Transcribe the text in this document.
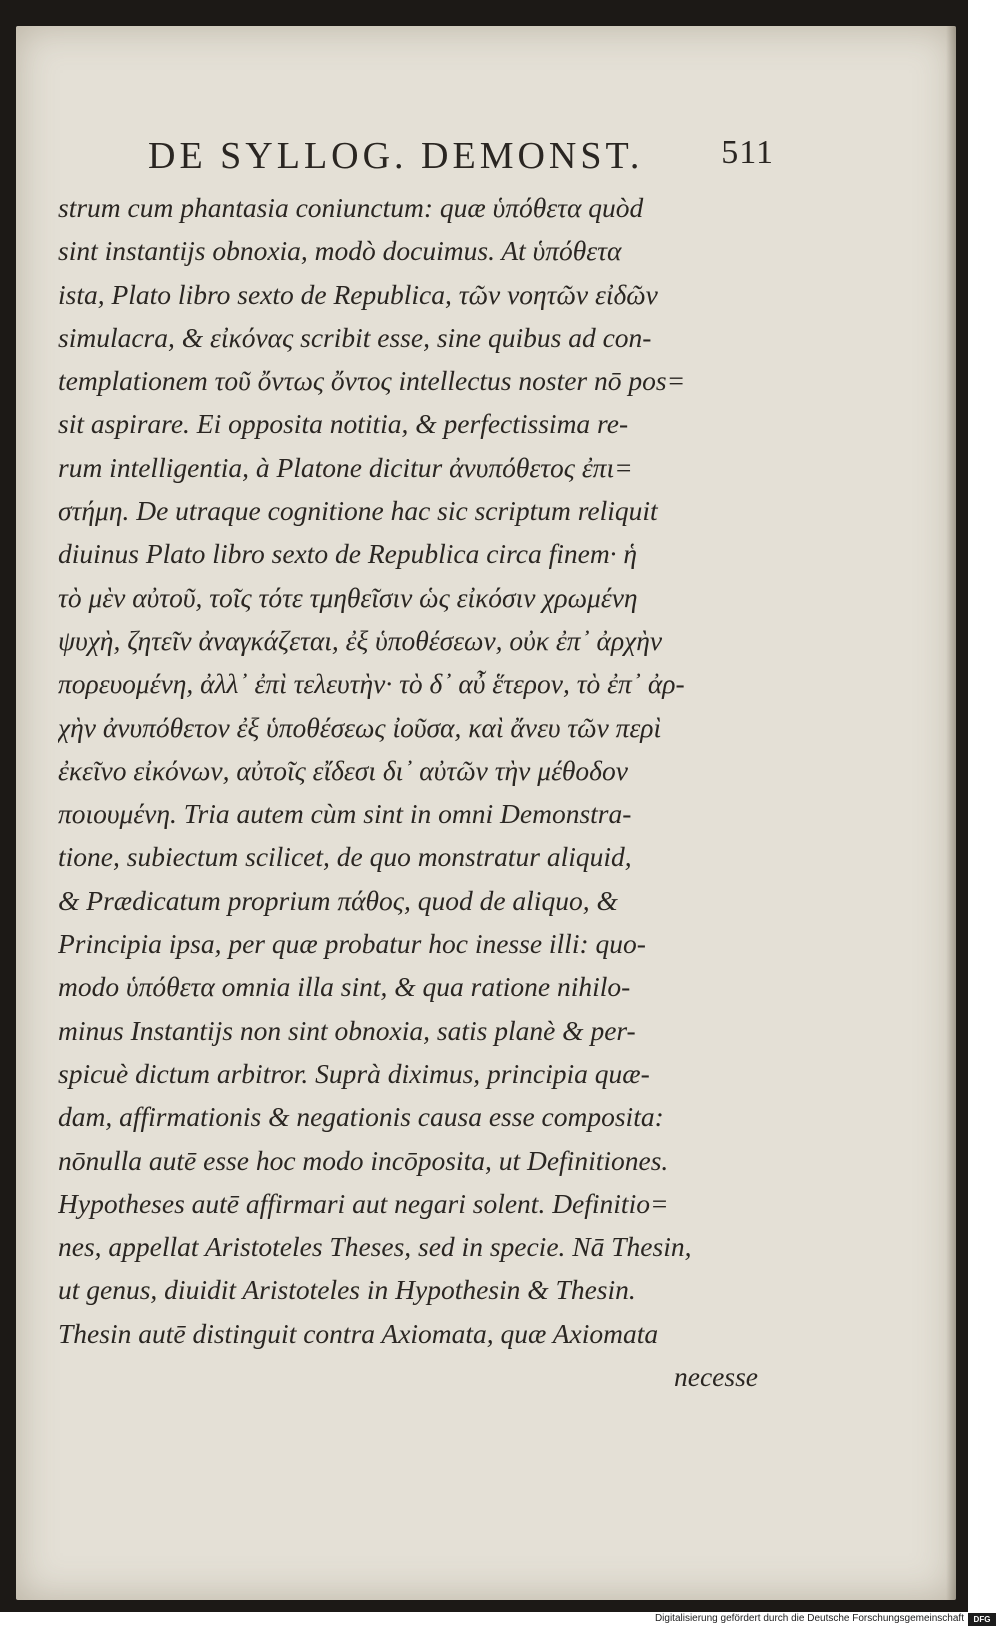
DE SYLLOG. DEMONST. 511
strum cum phantasia coniunctum: quæ ὑπόθετα quòd
sint instantijs obnoxia, modò docuimus. At ὑπόθετα
ista, Plato libro sexto de Republica, τῶν νοητῶν εἰδῶν
simulacra, & εἰκόνας scribit esse, sine quibus ad con-
templationem τοῦ ὄντως ὄντος intellectus noster nō pos=
sit aspirare. Ei opposita notitia, & perfectissima re-
rum intelligentia, à Platone dicitur ἀνυπόθετος ἐπι=
στήμη. De utraque cognitione hac sic scriptum reliquit
diuinus Plato libro sexto de Republica circa finem· ἡ
τὸ μὲν αὐτοῦ, τοῖς τότε τμηθεῖσιν ὡς εἰκόσιν χρωμένη
ψυχὴ, ζητεῖν ἀναγκάζεται, ἐξ ὑποθέσεων, οὐκ ἐπ᾽ ἀρχὴν
πορευομένη, ἀλλ᾽ ἐπὶ τελευτὴν· τὸ δ᾽ αὖ ἕτερον, τὸ ἐπ᾽ ἀρ-
χὴν ἀνυπόθετον ἐξ ὑποθέσεως ἰοῦσα, καὶ ἄνευ τῶν περὶ
ἐκεῖνο εἰκόνων, αὐτοῖς εἴδεσι δι᾽ αὐτῶν τὴν μέθοδον
ποιουμένη. Tria autem cùm sint in omni Demonstra-
tione, subiectum scilicet, de quo monstratur aliquid,
& Prædicatum proprium πάθος, quod de aliquo, &
Principia ipsa, per quæ probatur hoc inesse illi: quo-
modo ὑπόθετα omnia illa sint, & qua ratione nihilo-
minus Instantijs non sint obnoxia, satis planè & per-
spicuè dictum arbitror. Suprà diximus, principia quæ-
dam, affirmationis & negationis causa esse composita:
nōnulla autē esse hoc modo incōposita, ut Definitiones.
Hypotheses autē affirmari aut negari solent. Definitio=
nes, appellat Aristoteles Theses, sed in specie. Nā Thesin,
ut genus, diuidit Aristoteles in Hypothesin & Thesin.
Thesin autē distinguit contra Axiomata, quæ Axiomata
necesse
Digitalisierung gefördert durch die Deutsche Forschungsgemeinschaft	DFG
